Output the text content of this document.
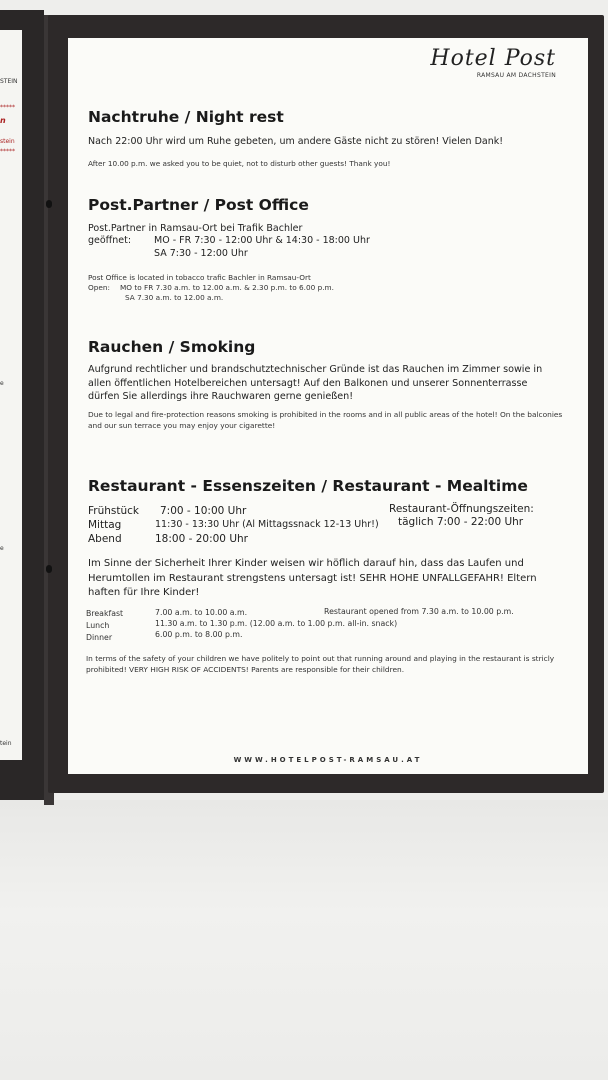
STEIN
n
*****
stein
*****
e
e
tein
Hotel Post
RAMSAU AM DACHSTEIN
Nachtruhe / Night rest
Nach 22:00 Uhr wird um Ruhe gebeten, um andere Gäste nicht zu stören! Vielen Dank!
After 10.00 p.m. we asked you to be quiet, not to disturb other guests! Thank you!
Post.Partner / Post Office
Post.Partner in Ramsau-Ort bei Trafik Bachler
geöffnet: MO - FR 7:30 - 12:00 Uhr & 14:30 - 18:00 Uhr
SA 7:30 - 12:00 Uhr
Post Office is located in tobacco trafic Bachler in Ramsau-Ort
Open: MO to FR 7.30 a.m. to 12.00 a.m. & 2.30 p.m. to 6.00 p.m.
SA 7.30 a.m. to 12.00 a.m.
Rauchen / Smoking
Aufgrund rechtlicher und brandschutztechnischer Gründe ist das Rauchen im Zimmer sowie in allen öffentlichen Hotelbereichen untersagt! Auf den Balkonen und unserer Sonnenterrasse dürfen Sie allerdings ihre Rauchwaren gerne genießen!
Due to legal and fire-protection reasons smoking is prohibited in the rooms and in all public areas of the hotel! On the balconies and our sun terrace you may enjoy your cigarette!
Restaurant - Essenszeiten / Restaurant - Mealtime
Frühstück 7:00 - 10:00 Uhr
Mittag	11:30 - 13:30 Uhr (Al Mittagssnack 12-13 Uhr!)
Abend	18:00 - 20:00 Uhr
Restaurant-Öffnungszeiten:
täglich 7:00 - 22:00 Uhr
Im Sinne der Sicherheit Ihrer Kinder weisen wir höflich darauf hin, dass das Laufen und Herumtollen im Restaurant strengstens untersagt ist! SEHR HOHE UNFALLGEFAHR! Eltern haften für Ihre Kinder!
Breakfast	7.00 a.m. to 10.00 a.m.
Lunch	11.30 a.m. to 1.30 p.m. (12.00 a.m. to 1.00 p.m. all-in. snack)
Dinner	6.00 p.m. to 8.00 p.m.
Restaurant opened from 7.30 a.m. to 10.00 p.m.
In terms of the safety of your children we have politely to point out that running around and playing in the restaurant is stricly prohibited! VERY HIGH RISK OF ACCIDENTS! Parents are responsible for their children.
WWW.HOTELPOST-RAMSAU.AT
